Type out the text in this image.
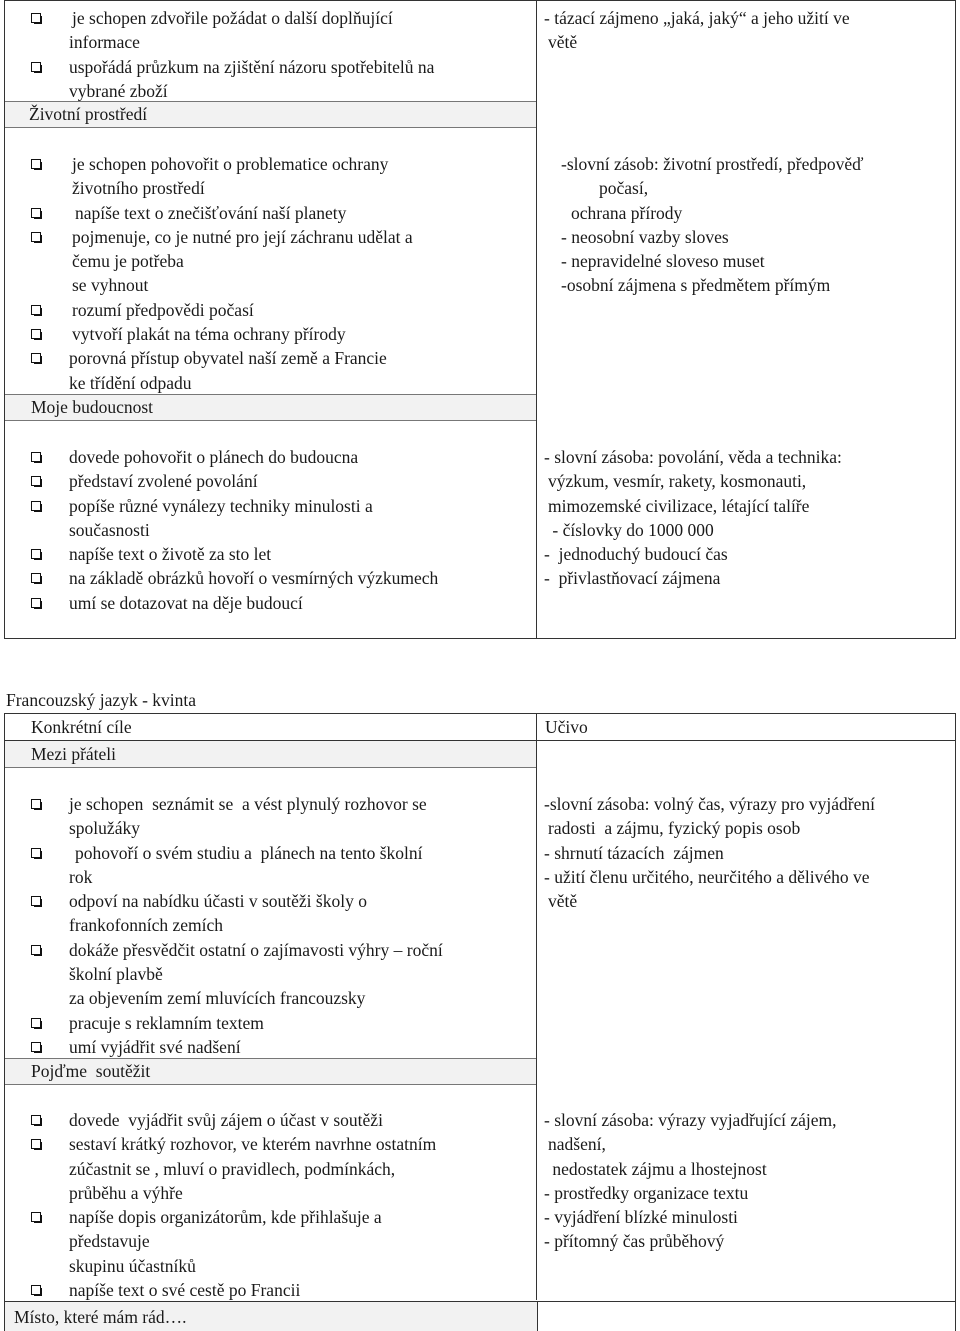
je schopen zdvořile požádat o další doplňující
informace
uspořádá průzkum na zjištění názoru spotřebitelů na
vybrané zboží
- tázací zájmeno „jaká, jaký“ a jeho užití ve
větě
Životní prostředí
je schopen pohovořit o problematice ochrany
životního prostředí
napíše text o znečišťování naší planety
pojmenuje, co je nutné pro její záchranu udělat a
čemu je potřeba
se vyhnout
rozumí předpovědi počasí
vytvoří plakát na téma ochrany přírody
porovná přístup obyvatel naší země a Francie
ke třídění odpadu
-slovní zásob: životní prostředí, předpověď
počasí,
ochrana přírody
- neosobní vazby sloves
- nepravidelné sloveso muset
-osobní zájmena s předmětem přímým
Moje budoucnost
dovede pohovořit o plánech do budoucna
představí zvolené povolání
popíše různé vynálezy techniky minulosti a
současnosti
napíše text o životě za sto let
na základě obrázků hovoří o vesmírných výzkumech
umí se dotazovat na děje budoucí
- slovní zásoba: povolání, věda a technika:
výzkum, vesmír, rakety, kosmonauti,
mimozemské civilizace, létající talíře
- číslovky do 1000 000
-  jednoduchý budoucí čas
-  přivlastňovací zájmena
Francouzský jazyk - kvinta
Konkrétní cíle	Učivo
Mezi přáteli
je schopen  seznámit se  a vést plynulý rozhovor se
spolužáky
pohovoří o svém studiu a  plánech na tento školní
rok
odpoví na nabídku účasti v soutěži školy o
frankofonních zemích
dokáže přesvědčit ostatní o zajímavosti výhry – roční
školní plavbě
za objevením zemí mluvících francouzsky
pracuje s reklamním textem
umí vyjádřit své nadšení
-slovní zásoba: volný čas, výrazy pro vyjádření
radosti  a zájmu, fyzický popis osob
- shrnutí tázacích  zájmen
- užití členu určitého, neurčitého a dělivého ve
větě
Pojďme  soutěžit
dovede  vyjádřit svůj zájem o účast v soutěži
sestaví krátký rozhovor, ve kterém navrhne ostatním
zúčastnit se , mluví o pravidlech, podmínkách,
průběhu a výhře
napíše dopis organizátorům, kde přihlašuje a
představuje
skupinu účastníků
napíše text o své cestě po Francii
- slovní zásoba: výrazy vyjadřující zájem,
nadšení,
nedostatek zájmu a lhostejnost
- prostředky organizace textu
- vyjádření blízké minulosti
- přítomný čas průběhový
Místo, které mám rád….
